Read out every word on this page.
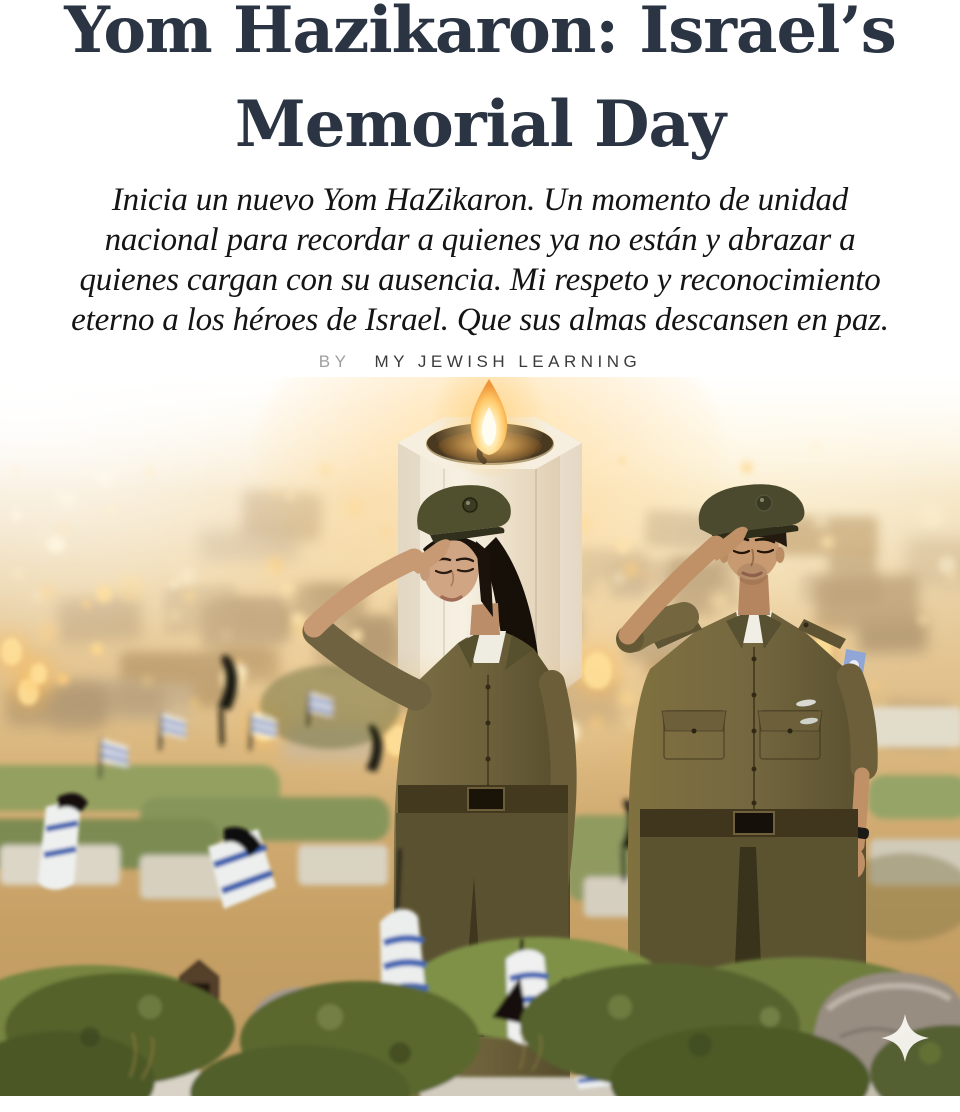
Yom Hazikaron: Israel’s
Memorial Day
Inicia un nuevo Yom HaZikaron. Un momento de unidad
nacional para recordar a quienes ya no están y abrazar a
quienes cargan con su ausencia. Mi respeto y reconocimiento
eterno a los héroes de Israel. Que sus almas descansen en paz.
BY MY JEWISH LEARNING
